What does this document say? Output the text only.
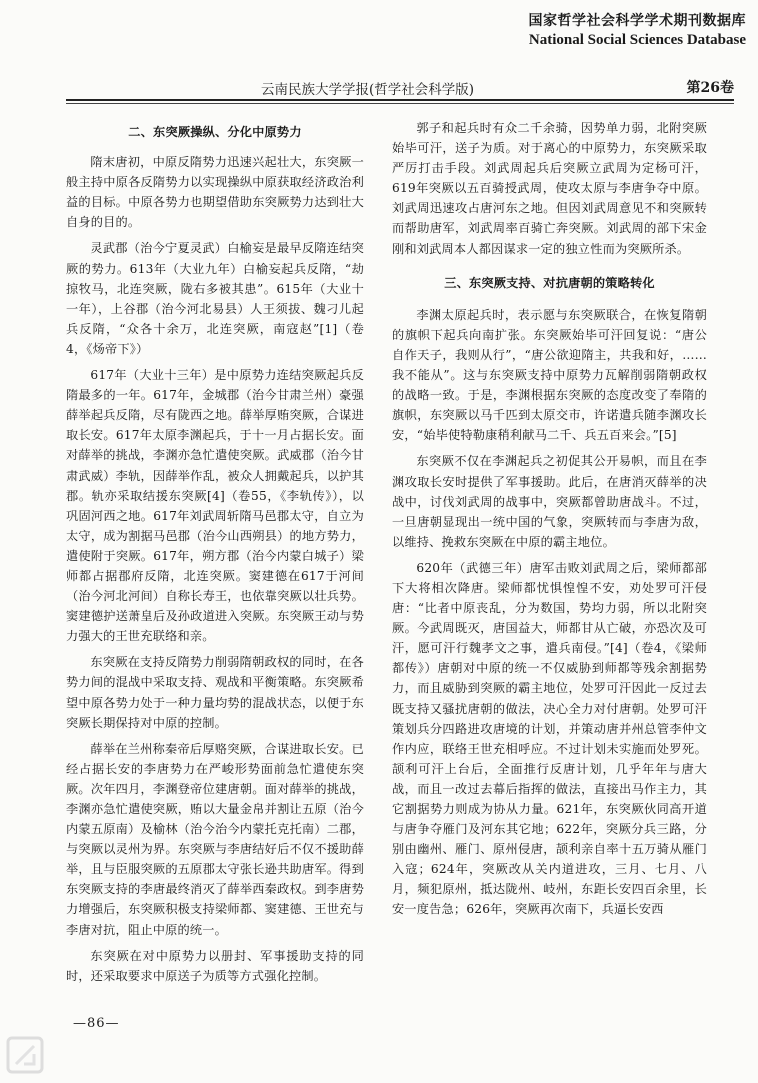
国家哲学社会科学学术期刊数据库
National Social Sciences Database
云南民族大学学报(哲学社会科学版)	第26卷

二、东突厥操纵、分化中原势力

隋末唐初，中原反隋势力迅速兴起壮大，东突厥一般主持中原各反隋势力以实现操纵中原获取经济政治利益的目标。中原各势力也期望借助东突厥势力达到壮大自身的目的。

灵武郡（治今宁夏灵武）白榆妄是最早反隋连结突厥的势力。613年（大业九年）白榆妄起兵反隋，“劫掠牧马，北连突厥，陇右多被其患”。615年（大业十一年），上谷郡（治今河北易县）人王须拔、魏刁儿起兵反隋，“众各十余万，北连突厥，南寇赵”[1]（卷4，《炀帝下》）

617年（大业十三年）是中原势力连结突厥起兵反隋最多的一年。617年，金城郡（治今甘肃兰州）豪强薛举起兵反隋，尽有陇西之地。薛举厚贿突厥，合谋进取长安。617年太原李渊起兵，于十一月占据长安。面对薛举的挑战，李渊亦急忙遣使突厥。武威郡（治今甘肃武威）李轨，因薛举作乱，被众人拥戴起兵，以护其郡。轨亦采取结援东突厥[4]（卷55，《李轨传》），以巩固河西之地。617年刘武周斩隋马邑郡太守，自立为太守，成为割据马邑郡（治今山西朔县）的地方势力，遣使附于突厥。617年，朔方郡（治今内蒙白城子）梁师都占据郡府反隋，北连突厥。窦建德在617于河间（治今河北河间）自称长寿王，也依靠突厥以壮兵势。窦建德护送萧皇后及孙政道进入突厥。东突厥王动与势力强大的王世充联络和亲。

东突厥在支持反隋势力削弱隋朝政权的同时，在各势力间的混战中采取支持、观战和平衡策略。东突厥希望中原各势力处于一种力量均势的混战状态，以便于东突厥长期保持对中原的控制。

薛举在兰州称秦帝后厚赂突厥，合谋进取长安。已经占据长安的李唐势力在严峻形势面前急忙遣使东突厥。次年四月，李渊登帝位建唐朝。面对薛举的挑战，李渊亦急忙遣使突厥，贿以大量金帛并割让五原（治今内蒙五原南）及榆林（治今治今内蒙托克托南）二郡，与突厥以灵州为界。东突厥与李唐结好后不仅不援助薛举，且与臣服突厥的五原郡太守张长逊共助唐军。得到东突厥支持的李唐最终消灭了薛举西秦政权。到李唐势力增强后，东突厥积极支持梁师都、窦建德、王世充与李唐对抗，阻止中原的统一。

东突厥在对中原势力以册封、军事援助支持的同时，还采取要求中原送子为质等方式强化控制。

郭子和起兵时有众二千余骑，因势单力弱，北附突厥始毕可汗，送子为质。对于离心的中原势力，东突厥采取严厉打击手段。刘武周起兵后突厥立武周为定杨可汗，619年突厥以五百骑授武周，使攻太原与李唐争夺中原。刘武周迅速攻占唐河东之地。但因刘武周意见不和突厥转而帮助唐军，刘武周率百骑亡奔突厥。刘武周的部下宋金刚和刘武周本人都因谋求一定的独立性而为突厥所杀。

三、东突厥支持、对抗唐朝的策略转化

李渊太原起兵时，表示愿与东突厥联合，在恢复隋朝的旗帜下起兵向南扩张。东突厥始毕可汗回复说：“唐公自作天子，我则从行”，“唐公欲迎隋主，共我和好，……我不能从”。这与东突厥支持中原势力瓦解削弱隋朝政权的战略一致。于是，李渊根据东突厥的态度改变了奉隋的旗帜，东突厥以马千匹到太原交市，许诺遣兵随李渊攻长安，“始毕使特勒康稍利献马二千、兵五百来会。”[5]

东突厥不仅在李渊起兵之初促其公开易帜，而且在李渊攻取长安时提供了军事援助。此后，在唐消灭薛举的决战中，讨伐刘武周的战事中，突厥都曾助唐战斗。不过，一旦唐朝显现出一统中国的气象，突厥转而与李唐为敌，以维持、挽救东突厥在中原的霸主地位。

620年（武德三年）唐军击败刘武周之后，梁师都部下大将相次降唐。梁师都忧惧惶惶不安，劝处罗可汗侵唐：“比者中原丧乱，分为数国，势均力弱，所以北附突厥。今武周既灭，唐国益大，师都甘从亡破，亦恐次及可汗，愿可汗行魏孝文之事，遣兵南侵。”[4]（卷4，《梁师都传》）唐朝对中原的统一不仅威胁到师都等残余割据势力，而且威胁到突厥的霸主地位，处罗可汗因此一反过去既支持又骚扰唐朝的做法，决心全力对付唐朝。处罗可汗策划兵分四路进攻唐境的计划，并策动唐并州总管李仲文作内应，联络王世充相呼应。不过计划未实施而处罗死。颉利可汗上台后，全面推行反唐计划，几乎年年与唐大战，而且一改过去幕后指挥的做法，直接出马作主力，其它割据势力则成为协从力量。621年，东突厥伙同高开道与唐争夺雁门及河东其它地；622年，突厥分兵三路，分别由幽州、雁门、原州侵唐，颉利亲自率十五万骑从雁门入寇；624年，突厥改从关内道进攻，三月、七月、八月，频犯原州，抵达陇州、岐州，东距长安四百余里，长安一度告急；626年，突厥再次南下，兵逼长安西

—86—
